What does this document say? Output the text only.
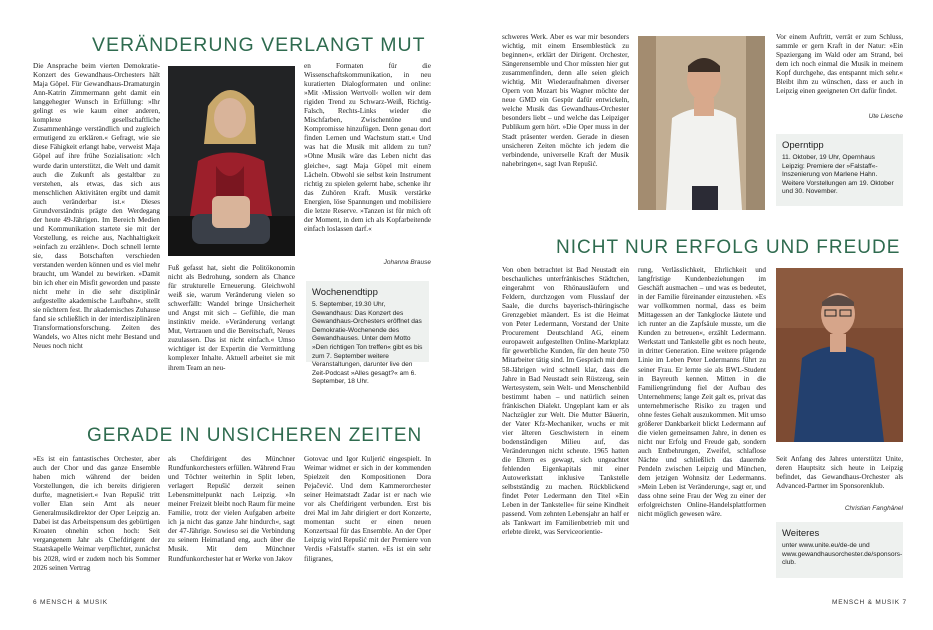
VERÄNDERUNG VERLANGT MUT

Die Ansprache beim vierten Demokratie-Konzert des Gewandhaus-Orchesters hält Maja Göpel. Für Gewandhaus-Dramaturgin Ann-Katrin Zimmermann geht damit ein langgehegter Wunsch in Erfüllung: »Ihr gelingt es wie kaum einer anderen, komplexe gesellschaftliche Zusammenhänge verständlich und zugleich ermutigend zu erklären.« Gefragt, wie sie diese Fähigkeit erlangt habe, verweist Maja Göpel auf ihre frühe Sozialisation: »Ich wurde darin unterstützt, die Welt und damit auch die Zukunft als gestaltbar zu verstehen, als etwas, das sich aus menschlichen Aktivitäten ergibt und damit auch veränderbar ist.« Dieses Grundverständnis prägte den Werdegang der heute 49-Jährigen. Im Bereich Medien und Kommunikation startete sie mit der Vorstellung, es reiche aus, Nachhaltigkeit »einfach zu erzählen«. Doch schnell lernte sie, dass Botschaften verschieden verstanden werden können und es viel mehr braucht, um Wandel zu bewirken. »Damit bin ich eher ein Misfit geworden und passte nicht mehr in die sehr disziplinär aufgestellte akademische Laufbahn«, stellt sie nüchtern fest. Ihr akademisches Zuhause fand sie schließlich in der interdisziplinären Transformationsforschung. Zeiten des Wandels, wo Altes nicht mehr Bestand und Neues noch nicht

Fuß gefasst hat, sieht die Politökonomin nicht als Bedrohung, sondern als Chance für strukturelle Erneuerung. Gleichwohl weiß sie, warum Veränderung vielen so schwerfällt: Wandel bringe Unsicherheit und Angst mit sich – Gefühle, die man instinktiv meide. »Veränderung verlangt Mut, Vertrauen und die Bereitschaft, Neues zuzulassen. Das ist nicht einfach.« Umso wichtiger ist der Expertin die Vermittlung komplexer Inhalte. Aktuell arbeitet sie mit ihrem Team an neu-

en Formaten für die Wissenschaftskommunikation, in neu kuratierten Dialogformaten und online: »Mit ›Mission Wertvoll‹ wollen wir dem rigiden Trend zu Schwarz-Weiß, Richtig-Falsch, Rechts-Links wieder die Mischfarben, Zwischentöne und Kompromisse hinzufügen. Denn genau dort finden Lernen und Wachstum statt.« Und was hat die Musik mit alldem zu tun? »Ohne Musik wäre das Leben nicht das gleiche«, sagt Maja Göpel mit einem Lächeln. Obwohl sie selbst kein Instrument richtig zu spielen gelernt habe, schenke ihr das Zuhören Kraft. Musik verstärke Energien, löse Spannungen und mobilisiere die letzte Reserve. »Tanzen ist für mich oft der Moment, in dem ich als Kopfarbeitende einfach loslassen darf.«

Johanna Brause
Wochenendtipp
5. September, 19.30 Uhr, Gewandhaus: Das Konzert des Gewandhaus-Orchesters eröffnet das Demokratie-Wochenende des Gewandhauses. Unter dem Motto »Den richtigen Ton treffen« gibt es bis zum 7. September weitere Veranstaltungen, darunter live den Zeit-Podcast »Alles gesagt?« am 6. September, 18 Uhr.
GERADE IN UNSICHEREN ZEITEN

»Es ist ein fantastisches Orchester, aber auch der Chor und das ganze Ensemble haben mich während der beiden Vorstellungen, die ich bereits dirigieren durfte, magnetisiert.« Ivan Repušić tritt voller Elan sein Amt als neuer Generalmusikdirektor der Oper Leipzig an. Dabei ist das Arbeitspensum des gebürtigen Kroaten ohnehin schon hoch: Seit vergangenem Jahr als Chefdirigent der Staatskapelle Weimar verpflichtet, zunächst bis 2028, wird er zudem noch bis Sommer 2026 seinen Vertrag

als Chefdirigent des Münchner Rundfunkorchesters erfüllen. Während Frau und Töchter weiterhin in Split leben, verlagert Repušić derzeit seinen Lebensmittelpunkt nach Leipzig. »In meiner Freizeit bleibt noch Raum für meine Familie, trotz der vielen Aufgaben arbeite ich ja nicht das ganze Jahr hindurch«, sagt der 47-Jährige. Sowieso sei die Verbindung zu seinem Heimatland eng, auch über die Musik. Mit dem Münchner Rundfunkorchester hat er Werke von Jakov

Gotovac und Igor Kuljerić eingespielt. In Weimar widmet er sich in der kommenden Spielzeit den Kompositionen Dora Pejačević. Und dem Kammerorchester seiner Heimatstadt Zadar ist er nach wie vor als Chefdirigent verbunden. Erst bis drei Mal im Jahr dirigiert er dort Konzerte, momentan sucht er einen neuen Konzertsaal für das Ensemble. An der Oper Leipzig wird Repušić mit der Premiere von Verdis »Falstaff« starten. »Es ist ein sehr filigranes,

6 MENSCH & MUSIK

schweres Werk. Aber es war mir besonders wichtig, mit einem Ensemblestück zu beginnen«, erklärt der Dirigent. Orchester, Sängerensemble und Chor müssten hier gut zusammenfinden, denn alle seien gleich wichtig. Mit Wiederaufnahmen diverser Opern von Mozart bis Wagner möchte der neue GMD ein Gespür dafür entwickeln, welche Musik das Gewandhaus-Orchester besonders liebt – und welche das Leipziger Publikum gern hört. »Die Oper muss in der Stadt präsenter werden. Gerade in diesen unsicheren Zeiten möchte ich jedem die verbindende, universelle Kraft der Musik nahebringen«, sagt Ivan Repušić.

Vor einem Auftritt, verrät er zum Schluss, sammle er gern Kraft in der Natur: »Ein Spaziergang im Wald oder am Strand, bei dem ich noch einmal die Musik in meinem Kopf durchgehe, das entspannt mich sehr.« Bleibt ihm zu wünschen, dass er auch in Leipzig einen geeigneten Ort dafür findet.

Ute Liesche
Operntipp
11. Oktober, 19 Uhr, Opernhaus Leipzig: Premiere der »Falstaff«-Inszenierung von Marlene Hahn. Weitere Vorstellungen am 19. Oktober und 30. November.
NICHT NUR ERFOLG UND FREUDE

Von oben betrachtet ist Bad Neustadt ein beschauliches unterfränkisches Städtchen, eingerahmt von Rhönausläufern und Feldern, durchzogen vom Flusslauf der Saale, die durchs bayerisch-thüringische Grenzgebiet mäandert. Es ist die Heimat von Peter Ledermann, Vorstand der Unite Procurement Deutschland AG, einem europaweit aufgestellten Online-Marktplatz für gewerbliche Kunden, für den heute 750 Mitarbeiter tätig sind. Im Gespräch mit dem 58-Jährigen wird schnell klar, dass die Jahre in Bad Neustadt sein Rüstzeug, sein Wertesystem, sein Welt- und Menschenbild bestimmt haben – und natürlich seinen fränkischen Dialekt. Ungeplant kam er als Nachzügler zur Welt. Die Mutter Bäuerin, der Vater Kfz-Mechaniker, wuchs er mit vier älteren Geschwistern in einem bodenständigen Milieu auf, das Veränderungen nicht scheute. 1965 hatten die Eltern es gewagt, sich ungeachtet fehlenden Eigenkapitals mit einer Autowerkstatt inklusive Tankstelle selbstständig zu machen. Rückblickend findet Peter Ledermann den Titel »Ein Leben in der Tankstelle« für seine Kindheit passend. Vom zehnten Lebensjahr an half er als Tankwart im Familienbetrieb mit und erlebte direkt, was Serviceorientie-

rung, Verlässlichkeit, Ehrlichkeit und langfristige Kundenbeziehungen im Geschäft ausmachen – und was es bedeutet, in der Familie füreinander einzustehen. »Es war vollkommen normal, dass es beim Mittagessen an der Tankglocke läutete und ich runter an die Zapfsäule musste, um die Kunden zu betreuen«, erzählt Ledermann. Werkstatt und Tankstelle gibt es noch heute, in dritter Generation. Eine weitere prägende Linie im Leben Peter Ledermanns führt zu seiner Frau. Er lernte sie als BWL-Student in Bayreuth kennen. Mitten in die Familiengründung fiel der Aufbau des Unternehmens; lange Zeit galt es, privat das unternehmerische Risiko zu tragen und ohne festes Gehalt auszukommen. Mit umso größerer Dankbarkeit blickt Ledermann auf die vielen gemeinsamen Jahre, in denen es nicht nur Erfolg und Freude gab, sondern auch Entbehrungen, Zweifel, schlaflose Nächte und schließlich das dauernde Pendeln zwischen Leipzig und München, dem jetzigen Wohnsitz der Ledermanns. »Mein Leben ist Veränderung«, sagt er, und dass ohne seine Frau der Weg zu einer der erfolgreichsten Online-Handelsplattformen nicht möglich gewesen wäre.

Seit Anfang des Jahres unterstützt Unite, deren Hauptsitz sich heute in Leipzig befindet, das Gewandhaus-Orchester als Advanced-Partner im Sponsorenklub.

Christian Fanghänel
Weiteres
unter www.unite.eu/de-de und www.gewandhausorchester.de/sponsors-club.
MENSCH & MUSIK 7
